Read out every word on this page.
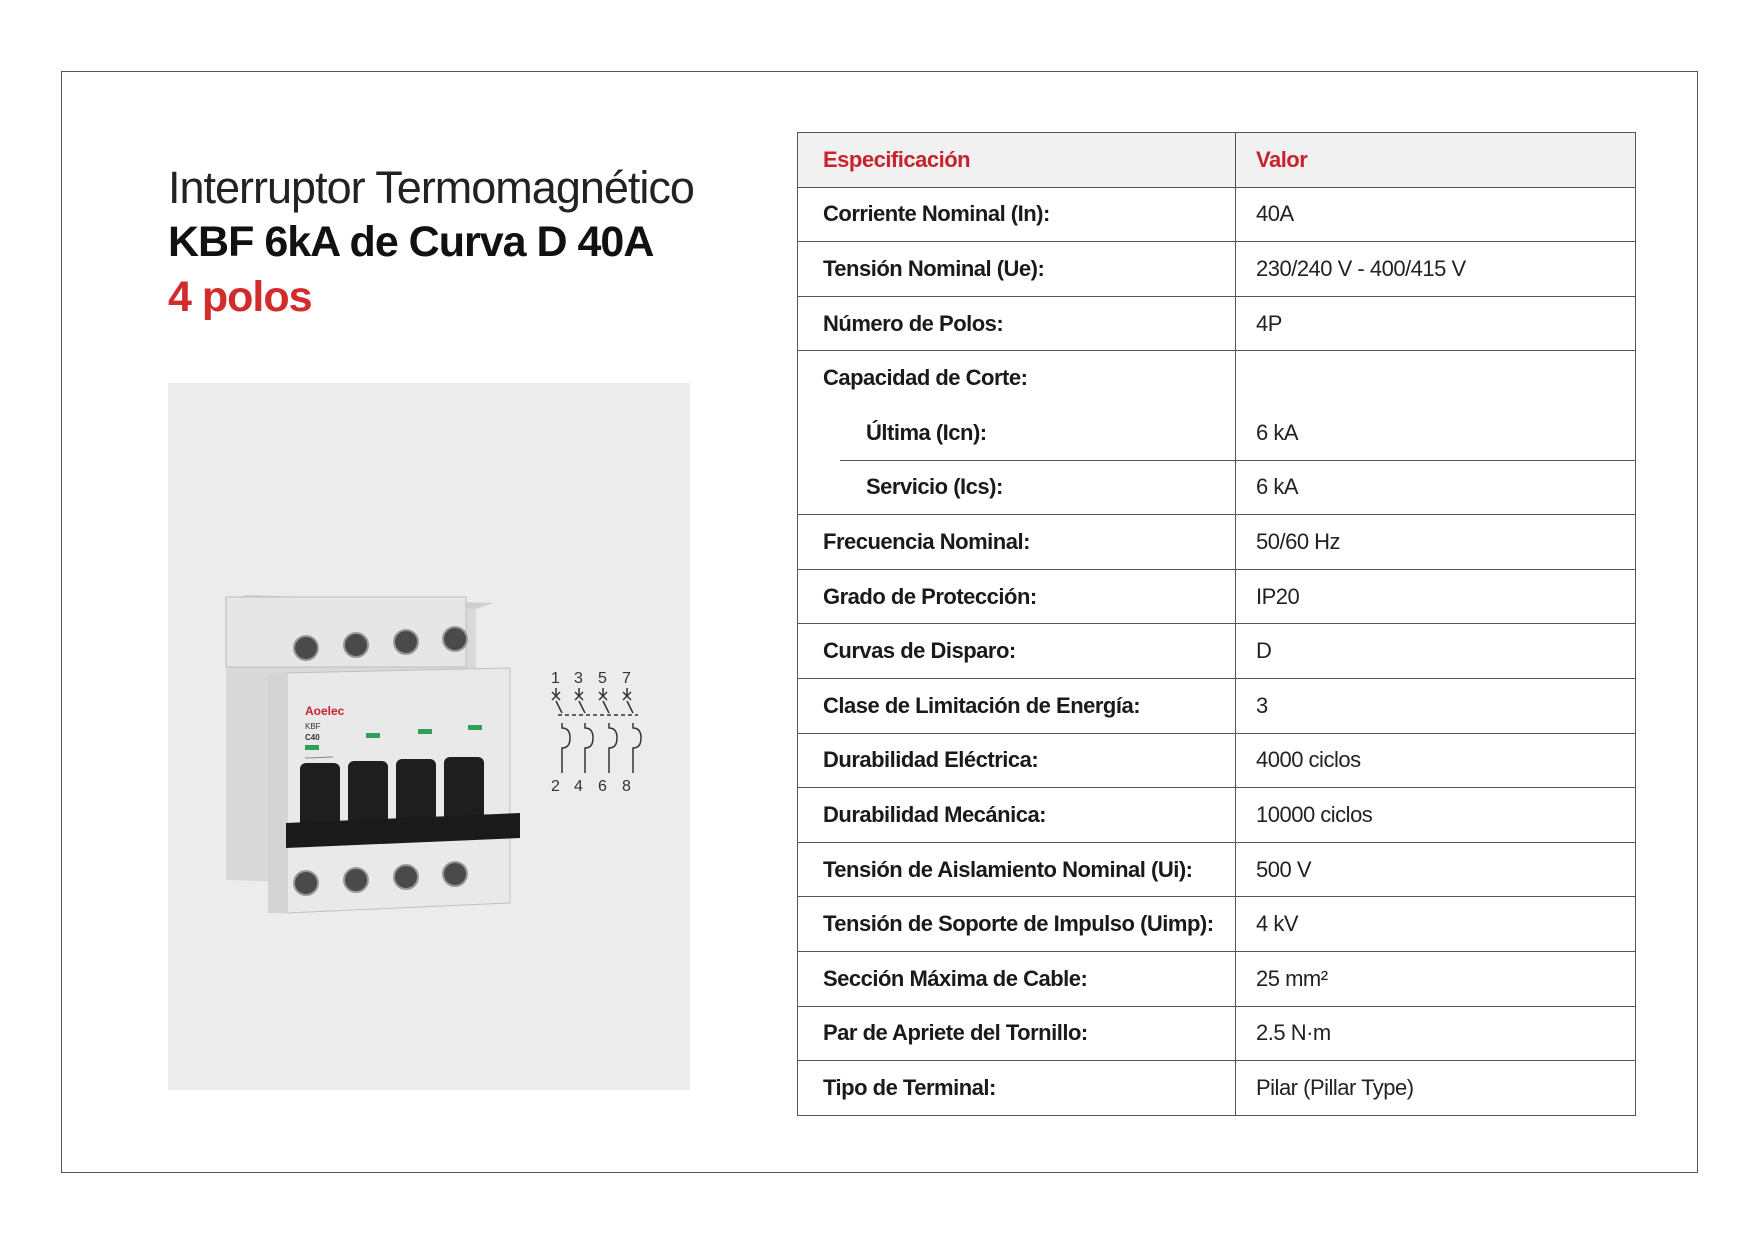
Interruptor Termomagnético
KBF 6kA de Curva D 40A
4 polos
Aoelec
KBF
C40
1 3 5 7
2 4 6 8
Especificación	Valor
Corriente Nominal (In):	40A
Tensión Nominal (Ue):	230/240 V - 400/415 V
Número de Polos:	4P
Capacidad de Corte:	

Última (Icn):	6 kA

Servicio (Ics):	6 kA
Frecuencia Nominal:	50/60 Hz
Grado de Protección:	IP20
Curvas de Disparo:	D
Clase de Limitación de Energía:	3
Durabilidad Eléctrica:	4000 ciclos
Durabilidad Mecánica:	10000 ciclos
Tensión de Aislamiento Nominal (Ui):	500 V
Tensión de Soporte de Impulso (Uimp):	4 kV
Sección Máxima de Cable:	25 mm²
Par de Apriete del Tornillo:	2.5 N·m
Tipo de Terminal:	Pilar (Pillar Type)
